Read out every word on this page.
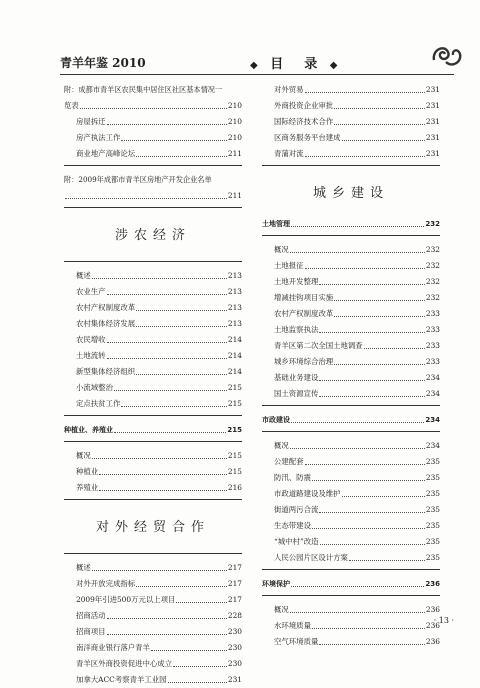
青羊年鉴 2010	◆ 目　录 ◆
附：成都市青羊区农民集中居住区社区基本情况一
览表	210
房屋拆迁	210
房产执法工作	210
商业地产高峰论坛	211
附：2009年成都市青羊区房地产开发企业名单
211
涉农经济
概述	213
农业生产	213
农村产权制度改革	213
农村集体经济发展	213
农民增收	214
土地流转	214
新型集体经济组织	214
小流域整治	215
定点扶贫工作	215
种植业、养殖业	215
概况	215
种植业	215
养殖业	216
对外经贸合作
概述	217
对外开放完成指标	217
2009年引进500万元以上项目	217
招商活动	228
招商项目	230
南洋商业银行落户青羊	230
青羊区外商投资促进中心成立	230
加拿大ACC考察青羊工业园	231
对外贸易	231
外商投资企业审批	231
国际经济技术合作	231
区商务服务平台建成	231
青蒲对流	231
城乡建设
土地管理	232
概况	232
土地报征	232
土地开发整理	232
增减挂钩项目实施	232
农村产权制度改革	233
土地监察执法	233
青羊区第二次全国土地调查	233
城乡环境综合治理	233
基础业务建设	234
国土资源宣传	234
市政建设	234
概况	234
公建配套	235
防汛、防震	235
市政道路建设及维护	235
街道两污合流	235
生态带建设	235
“城中村”改造	235
人民公园片区设计方案	235
环境保护	236
概况	236
水环境质量	236
空气环境质量	236
· 13 ·
